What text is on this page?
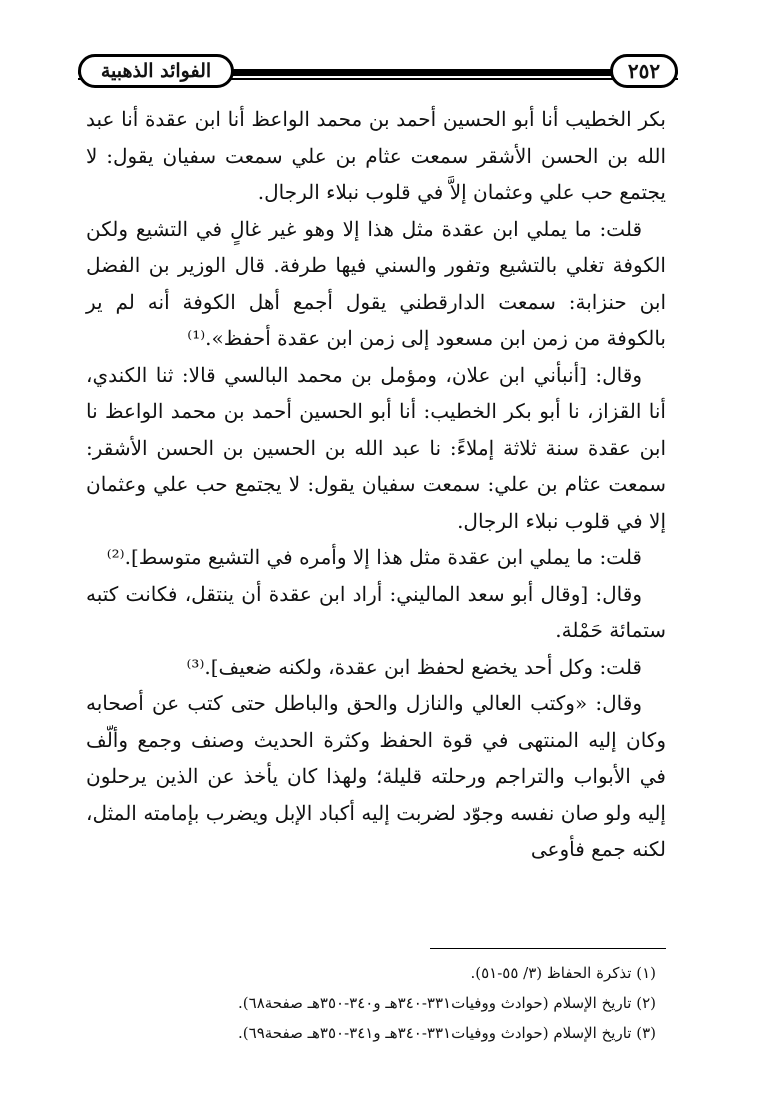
الفوائد الذهبية	٢٥٢

بكر الخطيب أنا أبو الحسين أحمد بن محمد الواعظ أنا ابن عقدة أنا عبد الله بن الحسن الأشقر سمعت عثام بن علي سمعت سفيان يقول: لا يجتمع حب علي وعثمان إلاَّ في قلوب نبلاء الرجال.

قلت: ما يملي ابن عقدة مثل هذا إلا وهو غير غالٍ في التشيع ولكن الكوفة تغلي بالتشيع وتفور والسني فيها طرفة. قال الوزير بن الفضل ابن حنزابة: سمعت الدارقطني يقول أجمع أهل الكوفة أنه لم ير بالكوفة من زمن ابن مسعود إلى زمن ابن عقدة أحفظ».⁽¹⁾

وقال: [أنبأني ابن علان، ومؤمل بن محمد البالسي قالا: ثنا الكندي، أنا القزاز، نا أبو بكر الخطيب: أنا أبو الحسين أحمد بن محمد الواعظ نا ابن عقدة سنة ثلاثة إملاءً: نا عبد الله بن الحسين بن الحسن الأشقر: سمعت عثام بن علي: سمعت سفيان يقول: لا يجتمع حب علي وعثمان إلا في قلوب نبلاء الرجال.

قلت: ما يملي ابن عقدة مثل هذا إلا وأمره في التشيع متوسط].⁽²⁾

وقال: [وقال أبو سعد الماليني: أراد ابن عقدة أن ينتقل، فكانت كتبه ستمائة حَمْلة.

قلت: وكل أحد يخضع لحفظ ابن عقدة، ولكنه ضعيف].⁽³⁾

وقال: «وكتب العالي والنازل والحق والباطل حتى كتب عن أصحابه وكان إليه المنتهى في قوة الحفظ وكثرة الحديث وصنف وجمع وألّف في الأبواب والتراجم ورحلته قليلة؛ ولهذا كان يأخذ عن الذين يرحلون إليه ولو صان نفسه وجوّد لضربت إليه أكباد الإبل ويضرب بإمامته المثل، لكنه جمع فأوعى

(١) تذكرة الحفاظ (٣/ ٥٥-٥١).
(٢) تاريخ الإسلام (حوادث ووفيات٣٣١-٣٤٠هـ و٣٤٠-٣٥٠هـ صفحة٦٨).
(٣) تاريخ الإسلام (حوادث ووفيات٣٣١-٣٤٠هـ و٣٤١-٣٥٠هـ صفحة٦٩).
